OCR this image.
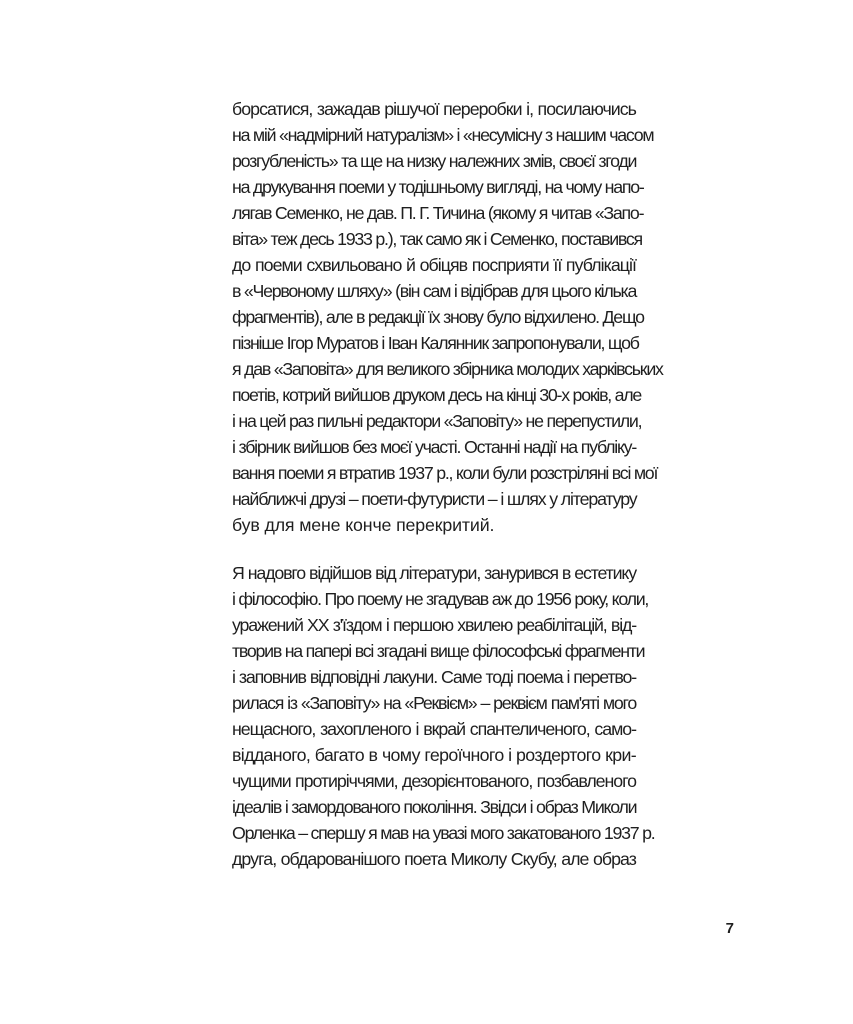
борсатися, зажадав рішучої переробки і, посилаючись
на мій «надмірний натуралізм» і «несумісну з нашим часом
розгубленість» та ще на низку належних змів, своєї згоди
на друкування поеми у тодішньому вигляді, на чому напо-
лягав Семенко, не дав. П. Г. Тичина (якому я читав «Запо-
віта» теж десь 1933 р.), так само як і Семенко, поставився
до поеми схвильовано й обіцяв посприяти її публікації
в «Червоному шляху» (він сам і відібрав для цього кілька
фрагментів), але в редакції їх знову було відхилено. Дещо
пізніше Ігор Муратов і Іван Калянник запропонували, щоб
я дав «Заповіта» для великого збірника молодих харківських
поетів, котрий вийшов друком десь на кінці 30-х років, але
і на цей раз пильні редактори «Заповіту» не перепустили,
і збірник вийшов без моєї участі. Останні надії на публіку-
вання поеми я втратив 1937 р., коли були розстріляні всі мої
найближчі друзі – поети-футуристи – і шлях у літературу
був для мене конче перекритий.
Я надовго відійшов від літератури, занурився в естетику
і філософію. Про поему не згадував аж до 1956 року, коли,
уражений XX з'їздом і першою хвилею реабілітацій, від-
творив на папері всі згадані вище філософські фрагменти
і заповнив відповідні лакуни. Саме тоді поема і перетво-
рилася із «Заповіту» на «Реквієм» – реквієм пам'яті мого
нещасного, захопленого і вкрай спантеличеного, само-
відданого, багато в чому героїчного і роздертого кри-
чущими протиріччями, дезорієнтованого, позбавленого
ідеалів і замордованого покоління. Звідси і образ Миколи
Орленка – спершу я мав на увазі мого закатованого 1937 р.
друга, обдарованішого поета Миколу Скубу, але образ
7
